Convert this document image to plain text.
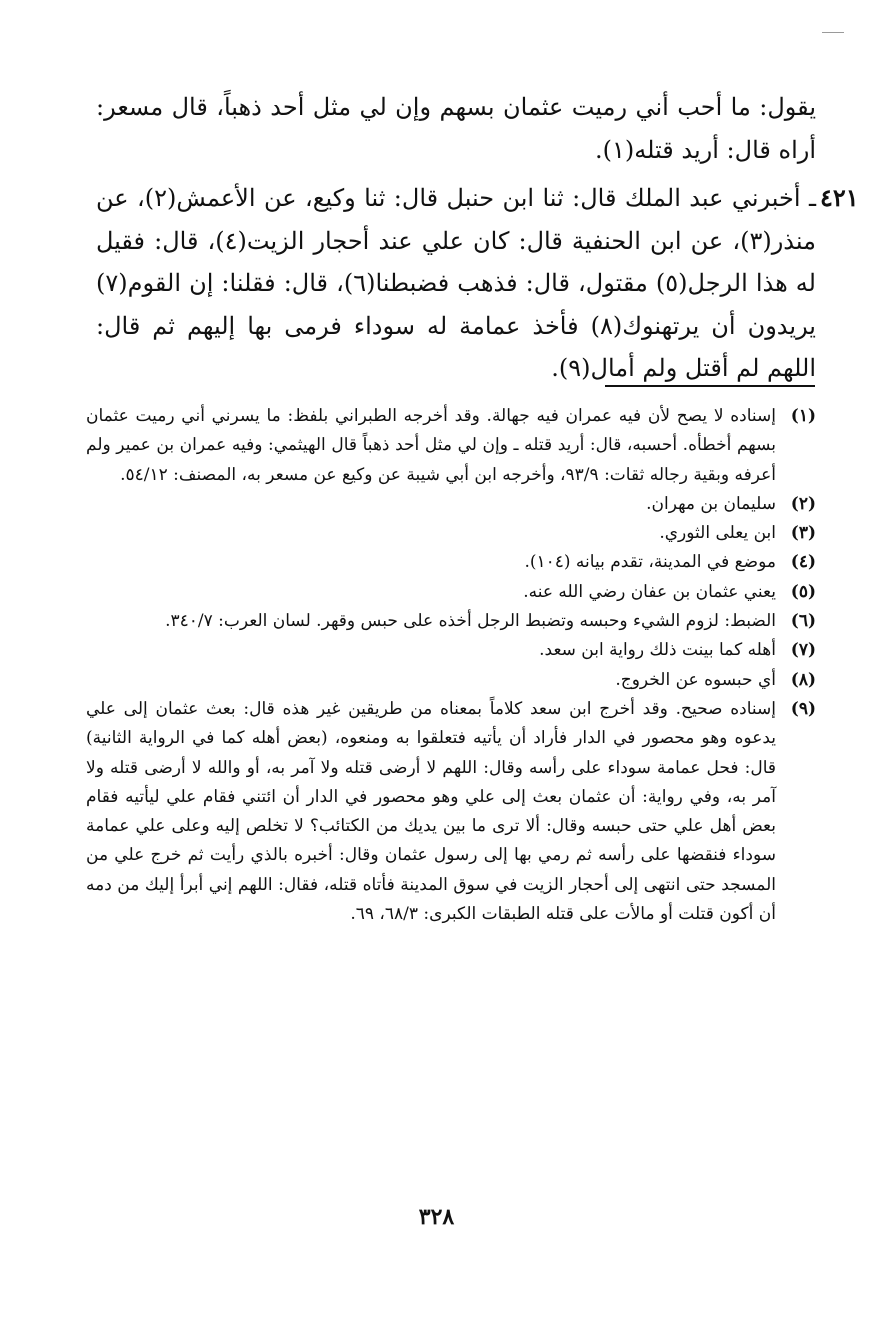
يقول: ما أحب أني رميت عثمان بسهم وإن لي مثل أحد ذهباً، قال مسعر: أراه قال: أريد قتله(١).

٤٢١
ـ أخبرني عبد الملك قال: ثنا ابن حنبل قال: ثنا وكيع، عن الأعمش(٢)، عن منذر(٣)، عن ابن الحنفية قال: كان علي عند أحجار الزيت(٤)، قال: فقيل له هذا الرجل(٥) مقتول، قال: فذهب فضبطنا(٦)، قال: فقلنا: إن القوم(٧) يريدون أن يرتهنوك(٨) فأخذ عمامة له سوداء فرمى بها إليهم ثم قال: اللهم لم أقتل ولم أمال(٩).

(١)
إسناده لا يصح لأن فيه عمران فيه جهالة. وقد أخرجه الطبراني بلفظ: ما يسرني أني رميت عثمان بسهم أخطأه. أحسبه، قال: أريد قتله ـ وإن لي مثل أحد ذهباً قال الهيثمي: وفيه عمران بن عمير ولم أعرفه وبقية رجاله ثقات: ٩٣/٩، وأخرجه ابن أبي شيبة عن وكيع عن مسعر به، المصنف: ٥٤/١٢.
(٢)
سليمان بن مهران.
(٣)
ابن يعلى الثوري.
(٤)
موضع في المدينة، تقدم بيانه (١٠٤).
(٥)
يعني عثمان بن عفان رضي الله عنه.
(٦)
الضبط: لزوم الشيء وحبسه وتضبط الرجل أخذه على حبس وقهر. لسان العرب: ٣٤٠/٧.
(٧)
أهله كما بينت ذلك رواية ابن سعد.
(٨)
أي حبسوه عن الخروج.
(٩)
إسناده صحيح. وقد أخرج ابن سعد كلاماً بمعناه من طريقين غير هذه قال: بعث عثمان إلى علي يدعوه وهو محصور في الدار فأراد أن يأتيه فتعلقوا به ومنعوه، (بعض أهله كما في الرواية الثانية) قال: فحل عمامة سوداء على رأسه وقال: اللهم لا أرضى قتله ولا آمر به، أو والله لا أرضى قتله ولا آمر به، وفي رواية: أن عثمان بعث إلى علي وهو محصور في الدار أن ائتني فقام علي ليأتيه فقام بعض أهل علي حتى حبسه وقال: ألا ترى ما بين يديك من الكتائب؟ لا تخلص إليه وعلى علي عمامة سوداء فنقضها على رأسه ثم رمي بها إلى رسول عثمان وقال: أخبره بالذي رأيت ثم خرج علي من المسجد حتى انتهى إلى أحجار الزيت في سوق المدينة فأتاه قتله، فقال: اللهم إني أبرأ إليك من دمه أن أكون قتلت أو مالأت على قتله الطبقات الكبرى: ٦٨/٣، ٦٩.
٣٢٨
